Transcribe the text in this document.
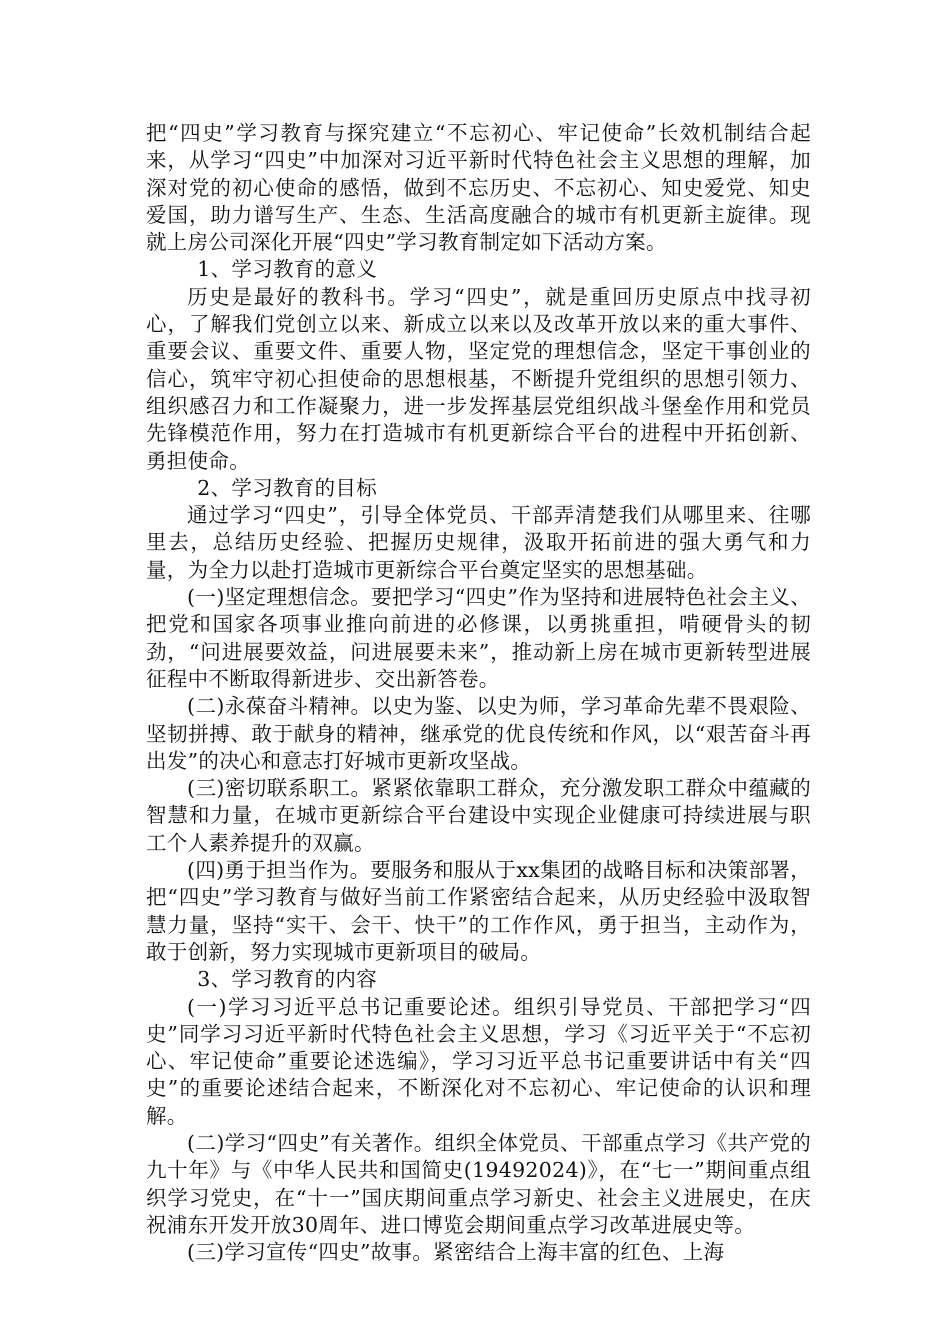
把“四史”学习教育与探究建立“不忘初心、牢记使命”长效机制结合起来，从学习“四史”中加深对习近平新时代特色社会主义思想的理解，加深对党的初心使命的感悟，做到不忘历史、不忘初心、知史爱党、知史爱国，助力谱写生产、生态、生活高度融合的城市有机更新主旋律。现就上房公司深化开展“四史”学习教育制定如下活动方案。

1、学习教育的意义

历史是最好的教科书。学习“四史”，就是重回历史原点中找寻初心，了解我们党创立以来、新成立以来以及改革开放以来的重大事件、重要会议、重要文件、重要人物，坚定党的理想信念，坚定干事创业的信心，筑牢守初心担使命的思想根基，不断提升党组织的思想引领力、组织感召力和工作凝聚力，进一步发挥基层党组织战斗堡垒作用和党员先锋模范作用，努力在打造城市有机更新综合平台的进程中开拓创新、勇担使命。

2、学习教育的目标

通过学习“四史”，引导全体党员、干部弄清楚我们从哪里来、往哪里去，总结历史经验、把握历史规律，汲取开拓前进的强大勇气和力量，为全力以赴打造城市更新综合平台奠定坚实的思想基础。

(一)坚定理想信念。要把学习“四史”作为坚持和进展特色社会主义、把党和国家各项事业推向前进的必修课，以勇挑重担，啃硬骨头的韧劲，“问进展要效益，问进展要未来”，推动新上房在城市更新转型进展征程中不断取得新进步、交出新答卷。

(二)永葆奋斗精神。以史为鉴、以史为师，学习革命先辈不畏艰险、坚韧拼搏、敢于献身的精神，继承党的优良传统和作风，以“艰苦奋斗再出发”的决心和意志打好城市更新攻坚战。

(三)密切联系职工。紧紧依靠职工群众，充分激发职工群众中蕴藏的智慧和力量，在城市更新综合平台建设中实现企业健康可持续进展与职工个人素养提升的双赢。

(四)勇于担当作为。要服务和服从于xx集团的战略目标和决策部署，把“四史”学习教育与做好当前工作紧密结合起来，从历史经验中汲取智慧力量，坚持“实干、会干、快干”的工作作风，勇于担当，主动作为，敢于创新，努力实现城市更新项目的破局。

3、学习教育的内容

(一)学习习近平总书记重要论述。组织引导党员、干部把学习“四史”同学习习近平新时代特色社会主义思想，学习《习近平关于“不忘初心、牢记使命”重要论述选编》，学习习近平总书记重要讲话中有关“四史”的重要论述结合起来，不断深化对不忘初心、牢记使命的认识和理解。

(二)学习“四史”有关著作。组织全体党员、干部重点学习《共产党的九十年》与《中华人民共和国简史(19492024)》，在“七一”期间重点组织学习党史，在“十一”国庆期间重点学习新史、社会主义进展史，在庆祝浦东开发开放30周年、进口博览会期间重点学习改革进展史等。

(三)学习宣传“四史”故事。紧密结合上海丰富的红色、上海
